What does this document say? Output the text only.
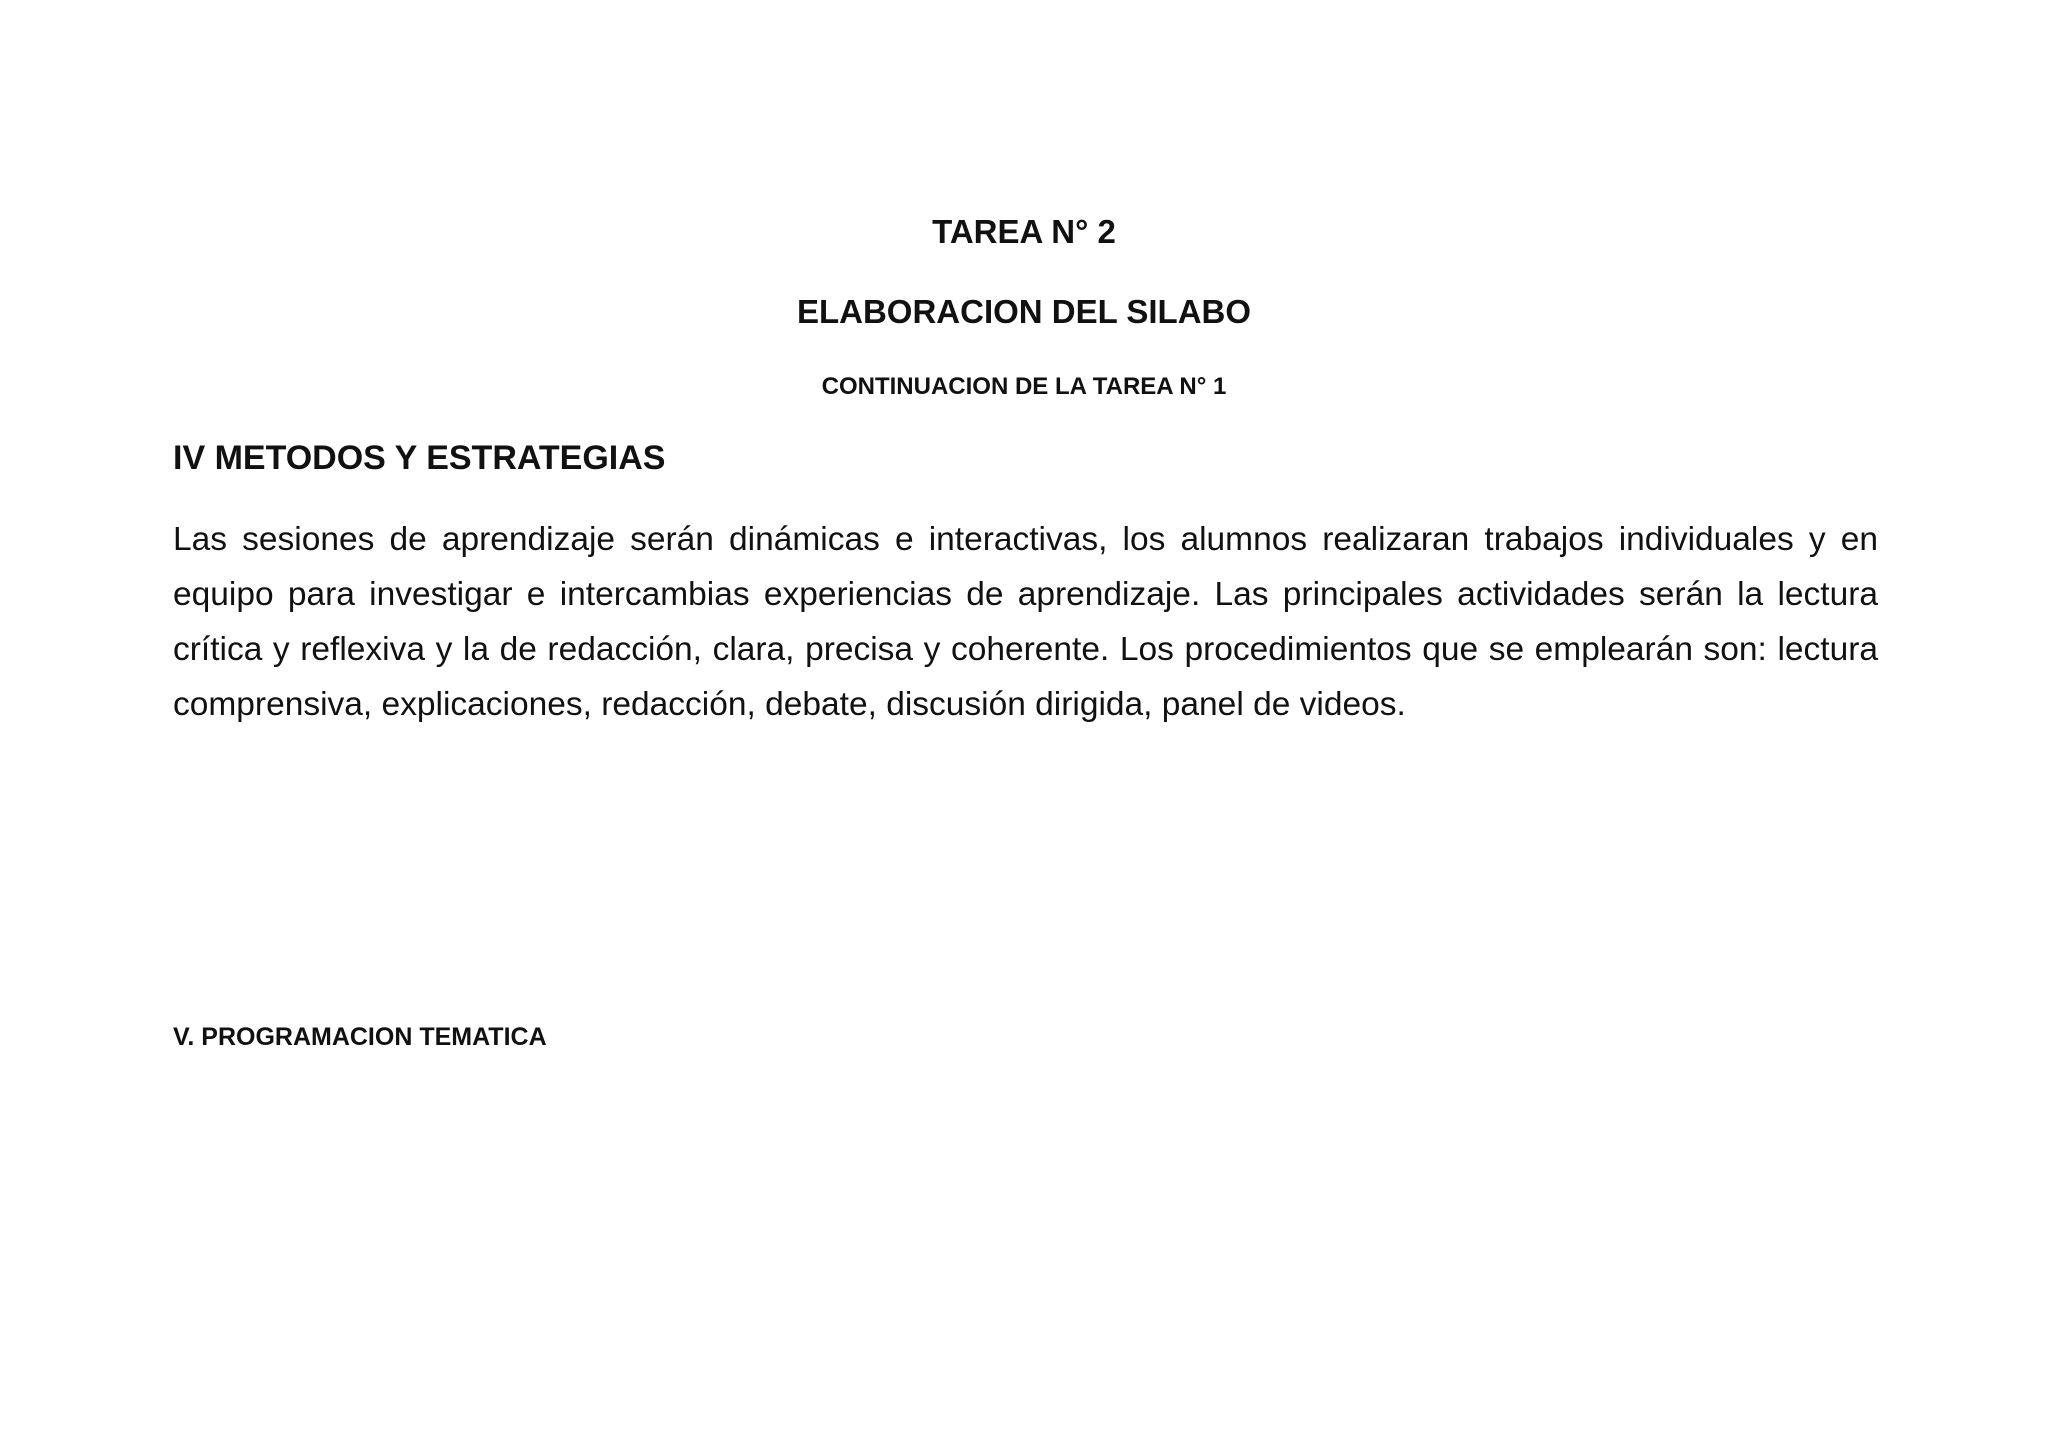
TAREA N° 2
ELABORACION DEL SILABO
CONTINUACION DE LA TAREA N° 1
IV METODOS Y ESTRATEGIAS

Las sesiones de aprendizaje serán dinámicas e interactivas, los alumnos realizaran trabajos individuales y en equipo para investigar e intercambias experiencias de aprendizaje. Las principales actividades serán la lectura crítica y reflexiva y la de redacción, clara, precisa y coherente. Los procedimientos que se emplearán son: lectura comprensiva, explicaciones, redacción, debate, discusión dirigida, panel de videos.

V. PROGRAMACION TEMATICA
